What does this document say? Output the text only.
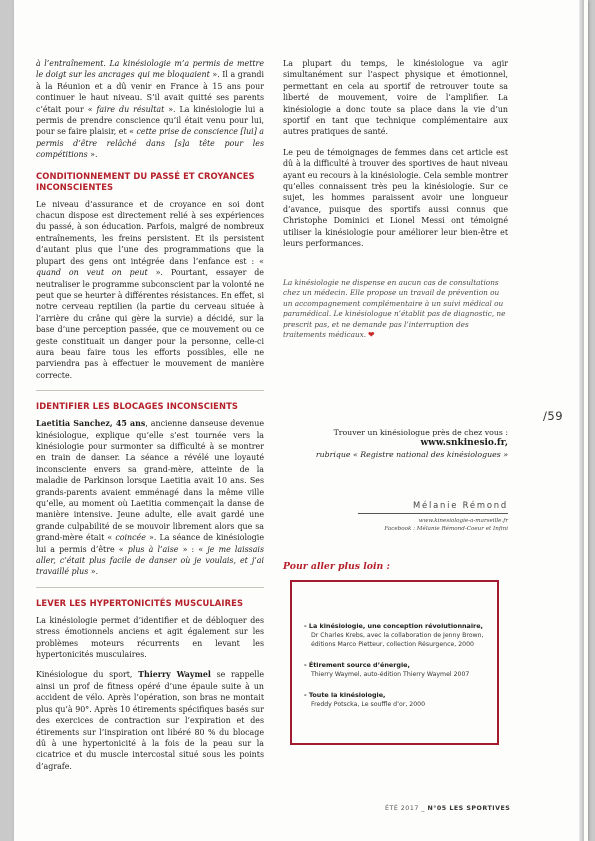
à l’entraînement. La kinésiologie m’a permis de mettre le doigt sur les ancrages qui me bloquaient ». Il a grandi à la Réunion et a dû venir en France à 15 ans pour continuer le haut niveau. S’il avait quitté ses parents c’était pour « faire du résultat ». La kinésiologie lui a permis de prendre conscience qu’il était venu pour lui, pour se faire plaisir, et « cette prise de conscience [lui] a permis d’être relâché dans [s]a tête pour les compétitions ».

CONDITIONNEMENT DU PASSÉ ET CROYANCES INCONSCIENTES

Le niveau d’assurance et de croyance en soi dont chacun dispose est directement relié à ses expériences du passé, à son éducation. Parfois, malgré de nombreux entraînements, les freins persistent. Et ils persistent d’autant plus que l’une des programmations que la plupart des gens ont intégrée dans l’enfance est : « quand on veut on peut ». Pourtant, essayer de neutraliser le programme subconscient par la volonté ne peut que se heurter à différentes résistances. En effet, si notre cerveau reptilien (la partie du cerveau située à l’arrière du crâne qui gère la survie) a décidé, sur la base d’une perception passée, que ce mouvement ou ce geste constituait un danger pour la personne, celle-ci aura beau faire tous les efforts possibles, elle ne parviendra pas à effectuer le mouvement de manière correcte.

IDENTIFIER LES BLOCAGES INCONSCIENTS

Laetitia Sanchez, 45 ans, ancienne danseuse devenue kinésiologue, explique qu’elle s’est tournée vers la kinésiologie pour surmonter sa difficulté à se montrer en train de danser. La séance a révélé une loyauté inconsciente envers sa grand-mère, atteinte de la maladie de Parkinson lorsque Laetitia avait 10 ans. Ses grands-parents avaient emménagé dans la même ville qu’elle, au moment où Laetitia commençait la danse de manière intensive. Jeune adulte, elle avait gardé une grande culpabilité de se mouvoir librement alors que sa grand-mère était « coincée ». La séance de kinésiologie lui a permis d’être « plus à l’aise » : « je me laissais aller, c’était plus facile de danser où je voulais, et j’ai travaillé plus ».

LEVER LES HYPERTONICITÉS MUSCULAIRES

La kinésiologie permet d’identifier et de débloquer des stress émotionnels anciens et agit également sur les problèmes moteurs récurrents en levant les hypertonicités musculaires.

Kinésiologue du sport, Thierry Waymel se rappelle ainsi un prof de fitness opéré d’une épaule suite à un accident de vélo. Après l’opération, son bras ne montait plus qu’à 90°. Après 10 étirements spécifiques basés sur des exercices de contraction sur l’expiration et des étirements sur l’inspiration ont libéré 80 % du blocage dû à une hypertonicité à la fois de la peau sur la cicatrice et du muscle intercostal situé sous les points d’agrafe.

La plupart du temps, le kinésiologue va agir simultanément sur l’aspect physique et émotionnel, permettant en cela au sportif de retrouver toute sa liberté de mouvement, voire de l’amplifier. La kinésiologie a donc toute sa place dans la vie d’un sportif en tant que technique complémentaire aux autres pratiques de santé.

Le peu de témoignages de femmes dans cet article est dû à la difficulté à trouver des sportives de haut niveau ayant eu recours à la kinésiologie. Cela semble montrer qu’elles connaissent très peu la kinésiologie. Sur ce sujet, les hommes paraissent avoir une longueur d’avance, puisque des sportifs aussi connus que Christophe Dominici et Lionel Messi ont témoigné utiliser la kinésiologie pour améliorer leur bien-être et leurs performances.

La kinésiologie ne dispense en aucun cas de consultations chez un médecin. Elle propose un travail de prévention ou un accompagnement complémentaire à un suivi médical ou paramédical. Le kinésiologue n’établit pas de diagnostic, ne prescrit pas, et ne demande pas l’interruption des traitements médicaux. ❤
Trouver un kinésiologue près de chez vous :
www.snkinesio.fr,
rubrique « Registre national des kinésiologues »
Mélanie Rémond
www.kinesiologie-a-marseille.fr
Facebook : Mélanie Rémond-Coeur et Infini
Pour aller plus loin :
- La kinésiologie, une conception révolutionnaire,
Dr Charles Krebs, avec la collaboration de Jenny Brown, éditions Marco Pietteur, collection Résurgence, 2000
- Étirement source d’énergie,
Thierry Waymel, auto-édition Thierry Waymel 2007
- Toute la kinésiologie,
Freddy Potscka, Le souffle d’or, 2000
/59
ÉTÉ 2017 _ N°05 LES SPORTIVES
